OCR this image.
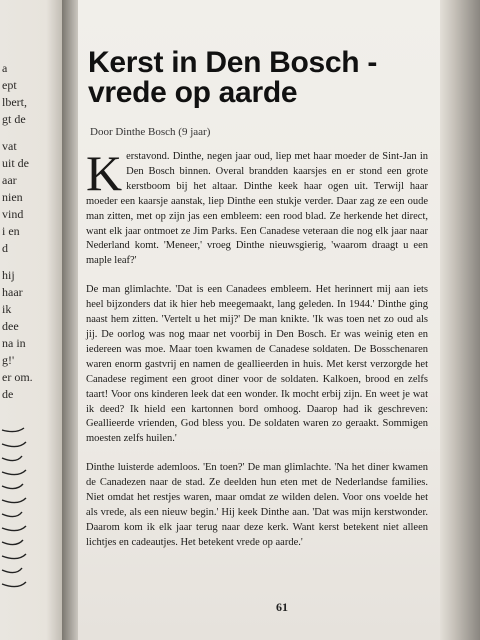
a
ept
lbert,
gt de
vat
uit de
aar
nien
vind
i en
d
hij
haar
ik
dee
na in
g!'
er om.
de
Kerst in Den Bosch -
vrede op aarde
Door Dinthe Bosch (9 jaar)

Kerstavond. Dinthe, negen jaar oud, liep met haar moeder de Sint-Jan in Den Bosch binnen. Overal brandden kaarsjes en er stond een grote kerstboom bij het altaar. Dinthe keek haar ogen uit. Terwijl haar moeder een kaarsje aanstak, liep Dinthe een stukje verder. Daar zag ze een oude man zitten, met op zijn jas een embleem: een rood blad. Ze herkende het direct, want elk jaar ontmoet ze Jim Parks. Een Canadese veteraan die nog elk jaar naar Nederland komt. 'Meneer,' vroeg Dinthe nieuwsgierig, 'waarom draagt u een maple leaf?'

De man glimlachte. 'Dat is een Canadees embleem. Het herinnert mij aan iets heel bijzonders dat ik hier heb meegemaakt, lang geleden. In 1944.' Dinthe ging naast hem zitten. 'Vertelt u het mij?' De man knikte. 'Ik was toen net zo oud als jij. De oorlog was nog maar net voorbij in Den Bosch. Er was weinig eten en iedereen was moe. Maar toen kwamen de Canadese soldaten. De Bosschenaren waren enorm gastvrij en namen de geallieerden in huis. Met kerst verzorgde het Canadese regiment een groot diner voor de soldaten. Kalkoen, brood en zelfs taart! Voor ons kinderen leek dat een wonder. Ik mocht erbij zijn. En weet je wat ik deed? Ik hield een kartonnen bord omhoog. Daarop had ik geschreven: Geallieerde vrienden, God bless you. De soldaten waren zo geraakt. Sommigen moesten zelfs huilen.'

Dinthe luisterde ademloos. 'En toen?' De man glimlachte. 'Na het diner kwamen de Canadezen naar de stad. Ze deelden hun eten met de Nederlandse families. Niet omdat het restjes waren, maar omdat ze wilden delen. Voor ons voelde het als vrede, als een nieuw begin.' Hij keek Dinthe aan. 'Dat was mijn kerstwonder. Daarom kom ik elk jaar terug naar deze kerk. Want kerst betekent niet alleen lichtjes en cadeautjes. Het betekent vrede op aarde.'

61
